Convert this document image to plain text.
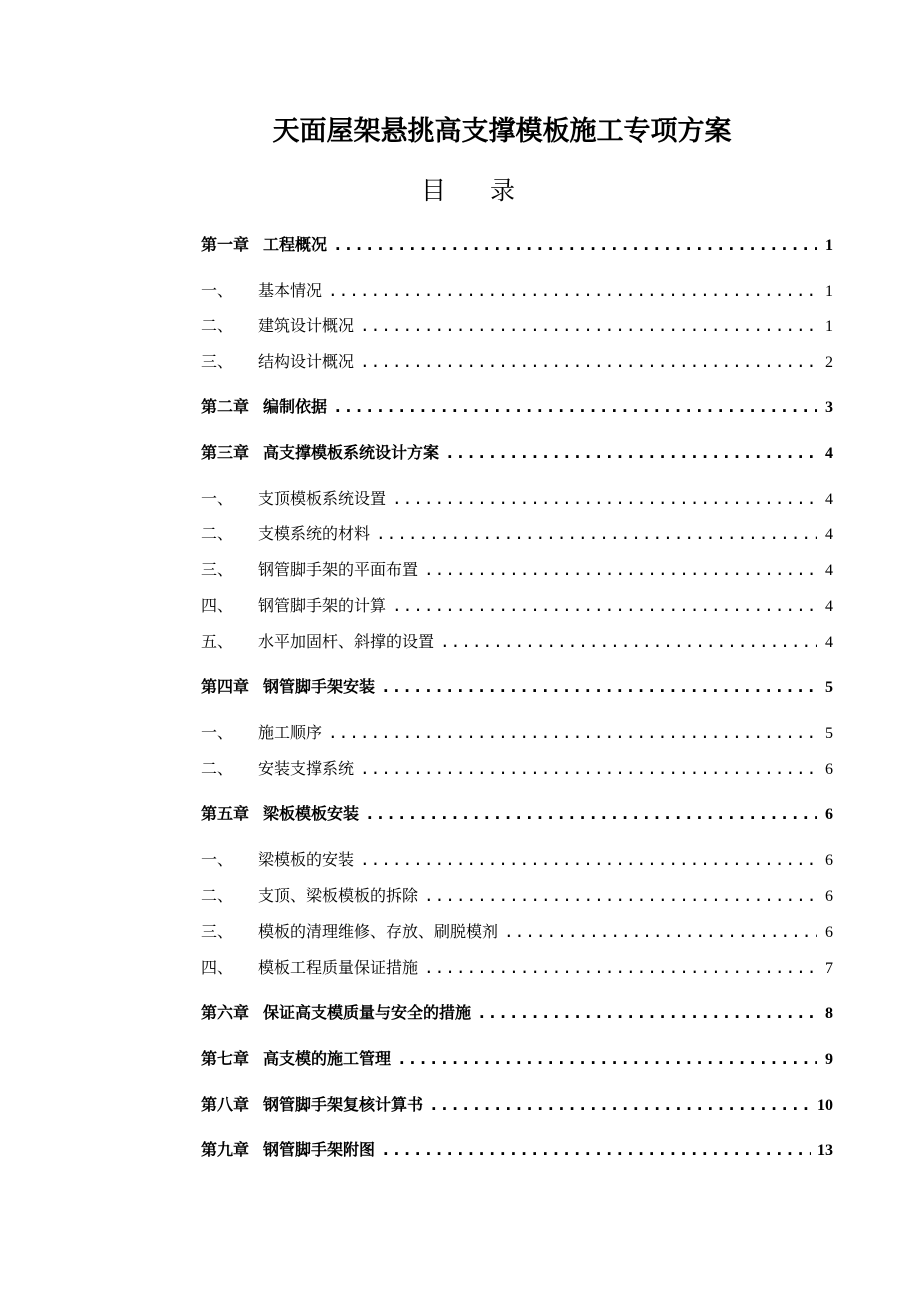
天面屋架悬挑高支撑模板施工专项方案
目 录
第一章 工程概况 .....	1
一、	基本情况 .....	1
二、	建筑设计概况 .....	1
三、	结构设计概况 .....	2
第二章 编制依据 .....	3
第三章 高支撑模板系统设计方案 .....	4
一、	支顶模板系统设置 .....	4
二、	支模系统的材料 .....	4
三、	钢管脚手架的平面布置 .....	4
四、	钢管脚手架的计算 .....	4
五、	水平加固杆、斜撑的设置 .....	4
第四章 钢管脚手架安装 .....	5
一、	施工顺序 .....	5
二、	安装支撑系统 .....	6
第五章 梁板模板安装 .....	6
一、	梁模板的安装 .....	6
二、	支顶、梁板模板的拆除 .....	6
三、	模板的清理维修、存放、刷脱模剂 .....	6
四、	模板工程质量保证措施 .....	7
第六章 保证高支模质量与安全的措施 .....	8
第七章 高支模的施工管理 .....	9
第八章 钢管脚手架复核计算书 .....	10
第九章 钢管脚手架附图 .....	13
